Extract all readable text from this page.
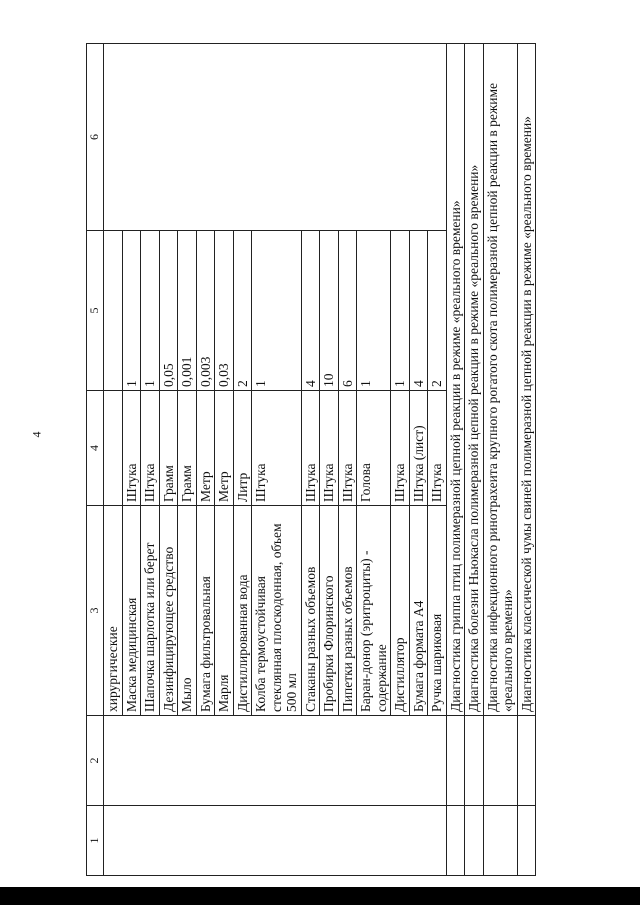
4
1	2	3	4	5	6
		хирургические			
		Маска медицинская	Штука	1	
		Шапочка шарлотка или берет	Штука	1	
		Дезинфицирующее средство	Грамм	0,05	
		Мыло	Грамм	0,001	
		Бумага фильтровальная	Метр	0,003	
		Марля	Метр	0,03	
		Дистиллированная вода	Литр	2	
		Колба термоустойчивая стеклянная плоскодонная, объем 500 мл	Штука	1	
		Стаканы разных объемов	Штука	4	
		Пробирки Флоринского	Штука	10	
		Пипетки разных объемов	Штука	6	
		Баран-донор (эритроциты) - содержание	Голова	1	
		Дистиллятор	Штука	1	
		Бумага формата А4	Штука (лист)	4	
		Ручка шариковая	Штука	2	
		Диагностика гриппа птиц полимеразной цепной реакции в режиме «реального времени»			
		Диагностика болезни Ньюкасла полимеразной цепной реакции в режиме «реального времени»			
		Диагностика инфекционного ринотрахеита крупного рогатого скота полимеразной цепной реакции в режиме «реального времени»			
		Диагностика классической чумы свиней полимеразной цепной реакции в режиме «реального времени»			
